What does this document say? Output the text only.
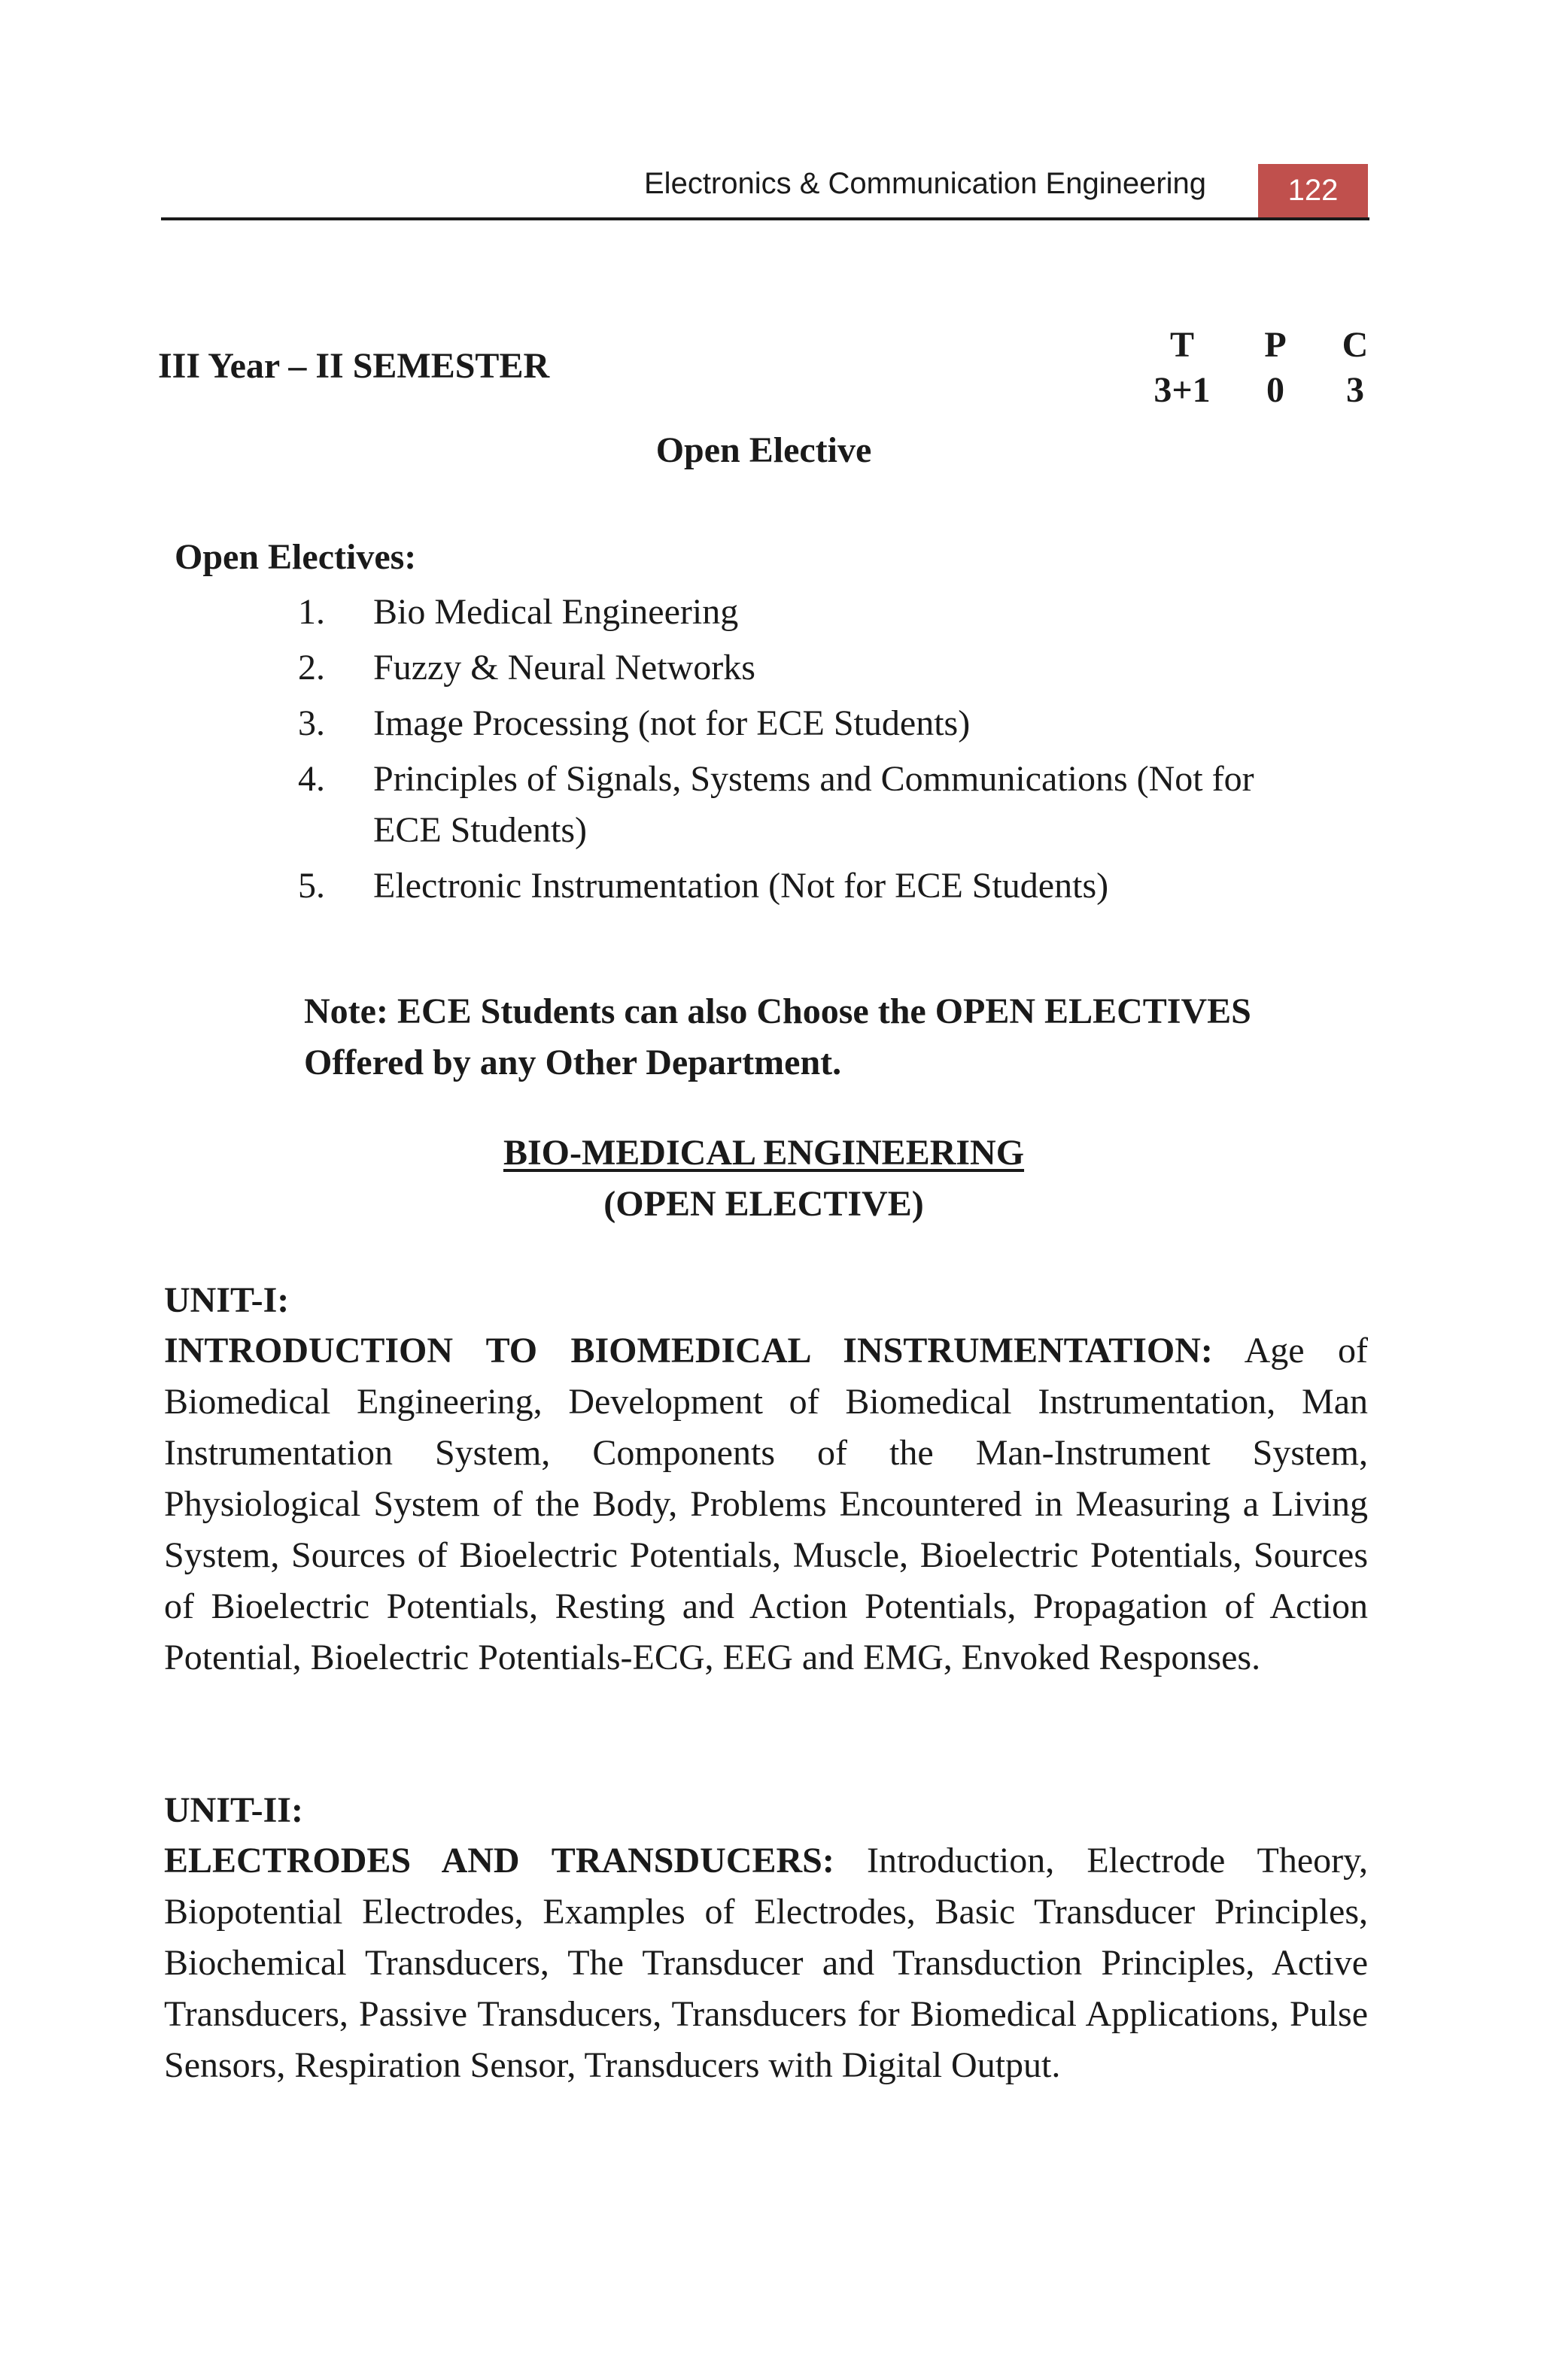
Electronics & Communication Engineering	122
III Year – II SEMESTER
T	P	C
3+1	0	3
Open Elective
Open Electives:
1. Bio Medical Engineering
2. Fuzzy & Neural Networks
3. Image Processing (not for ECE Students)
4. Principles of Signals, Systems and Communications (Not for ECE Students)
5. Electronic Instrumentation (Not for ECE Students)
Note: ECE Students can also Choose the OPEN ELECTIVES Offered by any Other Department.
BIO-MEDICAL ENGINEERING
(OPEN ELECTIVE)
UNIT-I:
INTRODUCTION TO BIOMEDICAL INSTRUMENTATION: Age of Biomedical Engineering, Development of Biomedical Instrumentation, Man Instrumentation System, Components of the Man-Instrument System, Physiological System of the Body, Problems Encountered in Measuring a Living System, Sources of Bioelectric Potentials, Muscle, Bioelectric Potentials, Sources of Bioelectric Potentials, Resting and Action Potentials, Propagation of Action Potential, Bioelectric Potentials-ECG, EEG and EMG, Envoked Responses.
UNIT-II:
ELECTRODES AND TRANSDUCERS: Introduction, Electrode Theory, Biopotential Electrodes, Examples of Electrodes, Basic Transducer Principles, Biochemical Transducers, The Transducer and Transduction Principles, Active Transducers, Passive Transducers, Transducers for Biomedical Applications, Pulse Sensors, Respiration Sensor, Transducers with Digital Output.
